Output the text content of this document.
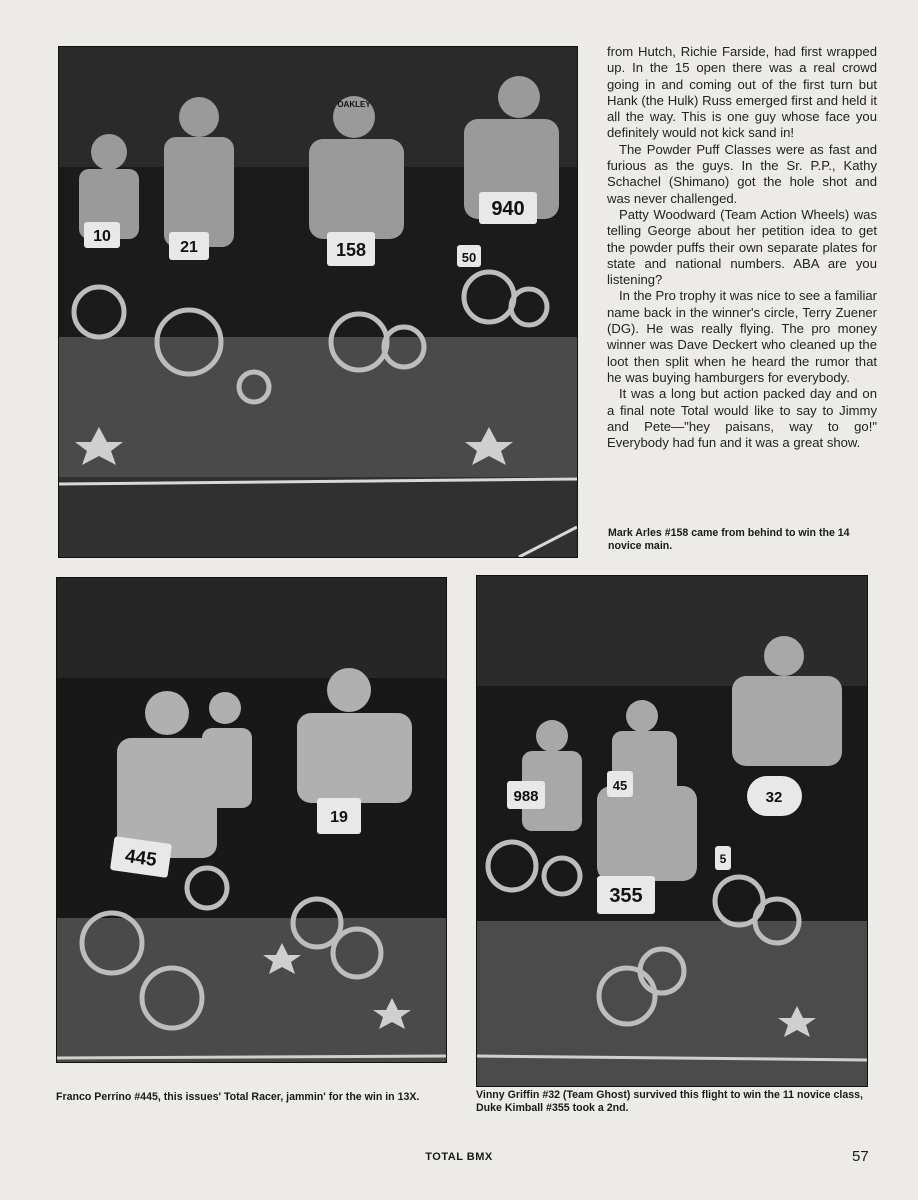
10
21	158
940
50
OAKLEY

from Hutch, Richie Farside, had first wrapped up. In the 15 open there was a real crowd going in and coming out of the first turn but Hank (the Hulk) Russ emerged first and held it all the way. This is one guy whose face you definitely would not kick sand in!

The Powder Puff Classes were as fast and furious as the guys. In the Sr. P.P., Kathy Schachel (Shimano) got the hole shot and was never challenged.

Patty Woodward (Team Action Wheels) was telling George about her petition idea to get the powder puffs their own separate plates for state and national numbers. ABA are you listening?

In the Pro trophy it was nice to see a familiar name back in the winner's circle, Terry Zuener (DG). He was really flying. The pro money winner was Dave Deckert who cleaned up the loot then split when he heard the rumor that he was buying hamburgers for everybody.

It was a long but action packed day and on a final note Total would like to say to Jimmy and Pete—"hey paisans, way to go!" Everybody had fun and it was a great show.

Mark Arles #158 came from behind to win the 14 novice main.
445
19
Franco Perrino #445, this issues' Total Racer, jammin' for the win in 13X.
988
45
355
32
5
Vinny Griffin #32 (Team Ghost) survived this flight to win the 11 novice class, Duke Kimball #355 took a 2nd.
TOTAL BMX	57
